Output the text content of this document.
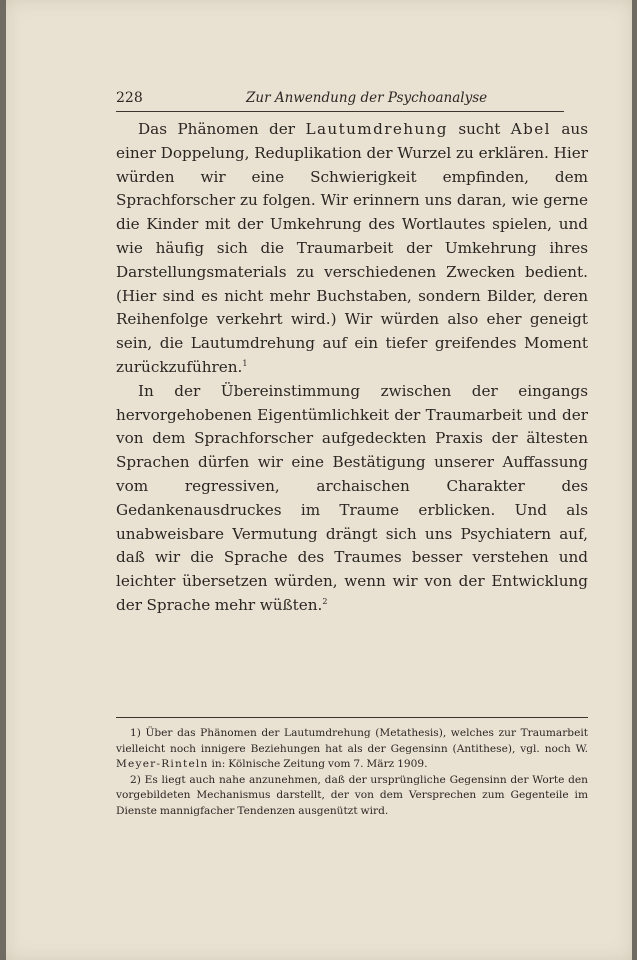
228	Zur Anwendung der Psychoanalyse

Das Phänomen der Lautumdrehung sucht Abel aus einer Doppelung, Reduplikation der Wurzel zu erklären. Hier würden wir eine Schwierigkeit empfinden, dem Sprachforscher zu folgen. Wir erinnern uns daran, wie gerne die Kinder mit der Umkehrung des Wortlautes spielen, und wie häufig sich die Traumarbeit der Umkehrung ihres Darstellungsmaterials zu verschiedenen Zwecken bedient. (Hier sind es nicht mehr Buchstaben, sondern Bilder, deren Reihenfolge verkehrt wird.) Wir würden also eher geneigt sein, die Lautumdrehung auf ein tiefer greifendes Moment zurückzuführen.$^1$

In der Übereinstimmung zwischen der eingangs hervorgehobenen Eigentümlichkeit der Traumarbeit und der von dem Sprachforscher aufgedeckten Praxis der ältesten Sprachen dürfen wir eine Bestätigung unserer Auffassung vom regressiven, archaischen Charakter des Gedankenausdruckes im Traume erblicken. Und als unabweisbare Vermutung drängt sich uns Psychiatern auf, daß wir die Sprache des Traumes besser verstehen und leichter übersetzen würden, wenn wir von der Entwicklung der Sprache mehr wüßten.$^2$

1) Über das Phänomen der Lautumdrehung (Metathesis), welches zur Traumarbeit vielleicht noch innigere Beziehungen hat als der Gegensinn (Antithese), vgl. noch W. Meyer-Rinteln in: Kölnische Zeitung vom 7. März 1909.

2) Es liegt auch nahe anzunehmen, daß der ursprüngliche Gegensinn der Worte den vorgebildeten Mechanismus darstellt, der von dem Versprechen zum Gegenteile im Dienste mannigfacher Tendenzen ausgenützt wird.
